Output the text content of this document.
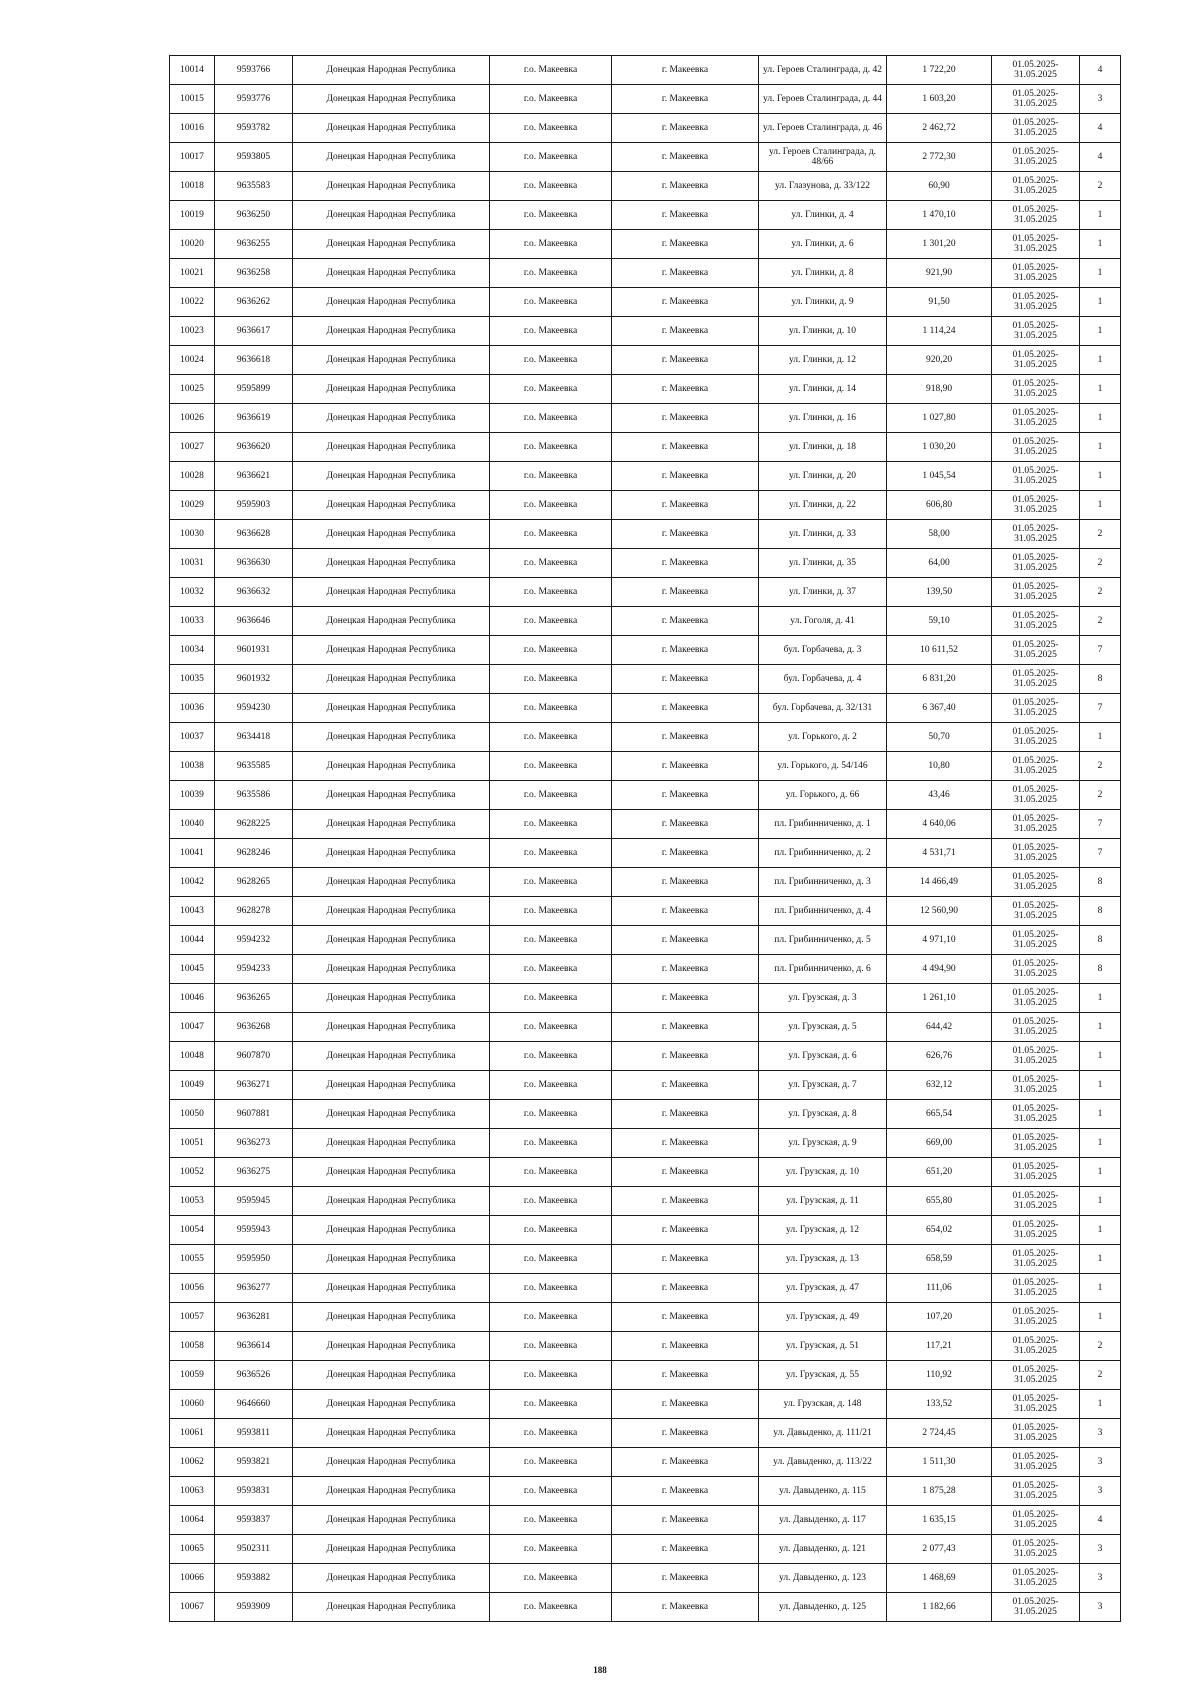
10014	9593766	Донецкая Народная Республика	г.о. Макеевка	г. Макеевка	ул. Героев Сталинграда, д. 42	1 722,20	01.05.2025-31.05.2025	4
10015	9593776	Донецкая Народная Республика	г.о. Макеевка	г. Макеевка	ул. Героев Сталинграда, д. 44	1 603,20	01.05.2025-31.05.2025	3
10016	9593782	Донецкая Народная Республика	г.о. Макеевка	г. Макеевка	ул. Героев Сталинграда, д. 46	2 462,72	01.05.2025-31.05.2025	4
10017	9593805	Донецкая Народная Республика	г.о. Макеевка	г. Макеевка	ул. Героев Сталинграда, д. 48/66	2 772,30	01.05.2025-31.05.2025	4
10018	9635583	Донецкая Народная Республика	г.о. Макеевка	г. Макеевка	ул. Глазунова, д. 33/122	60,90	01.05.2025-31.05.2025	2
10019	9636250	Донецкая Народная Республика	г.о. Макеевка	г. Макеевка	ул. Глинки, д. 4	1 470,10	01.05.2025-31.05.2025	1
10020	9636255	Донецкая Народная Республика	г.о. Макеевка	г. Макеевка	ул. Глинки, д. 6	1 301,20	01.05.2025-31.05.2025	1
10021	9636258	Донецкая Народная Республика	г.о. Макеевка	г. Макеевка	ул. Глинки, д. 8	921,90	01.05.2025-31.05.2025	1
10022	9636262	Донецкая Народная Республика	г.о. Макеевка	г. Макеевка	ул. Глинки, д. 9	91,50	01.05.2025-31.05.2025	1
10023	9636617	Донецкая Народная Республика	г.о. Макеевка	г. Макеевка	ул. Глинки, д. 10	1 114,24	01.05.2025-31.05.2025	1
10024	9636618	Донецкая Народная Республика	г.о. Макеевка	г. Макеевка	ул. Глинки, д. 12	920,20	01.05.2025-31.05.2025	1
10025	9595899	Донецкая Народная Республика	г.о. Макеевка	г. Макеевка	ул. Глинки, д. 14	918,90	01.05.2025-31.05.2025	1
10026	9636619	Донецкая Народная Республика	г.о. Макеевка	г. Макеевка	ул. Глинки, д. 16	1 027,80	01.05.2025-31.05.2025	1
10027	9636620	Донецкая Народная Республика	г.о. Макеевка	г. Макеевка	ул. Глинки, д. 18	1 030,20	01.05.2025-31.05.2025	1
10028	9636621	Донецкая Народная Республика	г.о. Макеевка	г. Макеевка	ул. Глинки, д. 20	1 045,54	01.05.2025-31.05.2025	1
10029	9595903	Донецкая Народная Республика	г.о. Макеевка	г. Макеевка	ул. Глинки, д. 22	606,80	01.05.2025-31.05.2025	1
10030	9636628	Донецкая Народная Республика	г.о. Макеевка	г. Макеевка	ул. Глинки, д. 33	58,00	01.05.2025-31.05.2025	2
10031	9636630	Донецкая Народная Республика	г.о. Макеевка	г. Макеевка	ул. Глинки, д. 35	64,00	01.05.2025-31.05.2025	2
10032	9636632	Донецкая Народная Республика	г.о. Макеевка	г. Макеевка	ул. Глинки, д. 37	139,50	01.05.2025-31.05.2025	2
10033	9636646	Донецкая Народная Республика	г.о. Макеевка	г. Макеевка	ул. Гоголя, д. 41	59,10	01.05.2025-31.05.2025	2
10034	9601931	Донецкая Народная Республика	г.о. Макеевка	г. Макеевка	бул. Горбачева, д. 3	10 611,52	01.05.2025-31.05.2025	7
10035	9601932	Донецкая Народная Республика	г.о. Макеевка	г. Макеевка	бул. Горбачева, д. 4	6 831,20	01.05.2025-31.05.2025	8
10036	9594230	Донецкая Народная Республика	г.о. Макеевка	г. Макеевка	бул. Горбачева, д. 32/131	6 367,40	01.05.2025-31.05.2025	7
10037	9634418	Донецкая Народная Республика	г.о. Макеевка	г. Макеевка	ул. Горького, д. 2	50,70	01.05.2025-31.05.2025	1
10038	9635585	Донецкая Народная Республика	г.о. Макеевка	г. Макеевка	ул. Горького, д. 54/146	10,80	01.05.2025-31.05.2025	2
10039	9635586	Донецкая Народная Республика	г.о. Макеевка	г. Макеевка	ул. Горького, д. 66	43,46	01.05.2025-31.05.2025	2
10040	9628225	Донецкая Народная Республика	г.о. Макеевка	г. Макеевка	пл. Грибинниченко, д. 1	4 640,06	01.05.2025-31.05.2025	7
10041	9628246	Донецкая Народная Республика	г.о. Макеевка	г. Макеевка	пл. Грибинниченко, д. 2	4 531,71	01.05.2025-31.05.2025	7
10042	9628265	Донецкая Народная Республика	г.о. Макеевка	г. Макеевка	пл. Грибинниченко, д. 3	14 466,49	01.05.2025-31.05.2025	8
10043	9628278	Донецкая Народная Республика	г.о. Макеевка	г. Макеевка	пл. Грибинниченко, д. 4	12 560,90	01.05.2025-31.05.2025	8
10044	9594232	Донецкая Народная Республика	г.о. Макеевка	г. Макеевка	пл. Грибинниченко, д. 5	4 971,10	01.05.2025-31.05.2025	8
10045	9594233	Донецкая Народная Республика	г.о. Макеевка	г. Макеевка	пл. Грибинниченко, д. 6	4 494,90	01.05.2025-31.05.2025	8
10046	9636265	Донецкая Народная Республика	г.о. Макеевка	г. Макеевка	ул. Грузская, д. 3	1 261,10	01.05.2025-31.05.2025	1
10047	9636268	Донецкая Народная Республика	г.о. Макеевка	г. Макеевка	ул. Грузская, д. 5	644,42	01.05.2025-31.05.2025	1
10048	9607870	Донецкая Народная Республика	г.о. Макеевка	г. Макеевка	ул. Грузская, д. 6	626,76	01.05.2025-31.05.2025	1
10049	9636271	Донецкая Народная Республика	г.о. Макеевка	г. Макеевка	ул. Грузская, д. 7	632,12	01.05.2025-31.05.2025	1
10050	9607881	Донецкая Народная Республика	г.о. Макеевка	г. Макеевка	ул. Грузская, д. 8	665,54	01.05.2025-31.05.2025	1
10051	9636273	Донецкая Народная Республика	г.о. Макеевка	г. Макеевка	ул. Грузская, д. 9	669,00	01.05.2025-31.05.2025	1
10052	9636275	Донецкая Народная Республика	г.о. Макеевка	г. Макеевка	ул. Грузская, д. 10	651,20	01.05.2025-31.05.2025	1
10053	9595945	Донецкая Народная Республика	г.о. Макеевка	г. Макеевка	ул. Грузская, д. 11	655,80	01.05.2025-31.05.2025	1
10054	9595943	Донецкая Народная Республика	г.о. Макеевка	г. Макеевка	ул. Грузская, д. 12	654,02	01.05.2025-31.05.2025	1
10055	9595950	Донецкая Народная Республика	г.о. Макеевка	г. Макеевка	ул. Грузская, д. 13	658,59	01.05.2025-31.05.2025	1
10056	9636277	Донецкая Народная Республика	г.о. Макеевка	г. Макеевка	ул. Грузская, д. 47	111,06	01.05.2025-31.05.2025	1
10057	9636281	Донецкая Народная Республика	г.о. Макеевка	г. Макеевка	ул. Грузская, д. 49	107,20	01.05.2025-31.05.2025	1
10058	9636614	Донецкая Народная Республика	г.о. Макеевка	г. Макеевка	ул. Грузская, д. 51	117,21	01.05.2025-31.05.2025	2
10059	9636526	Донецкая Народная Республика	г.о. Макеевка	г. Макеевка	ул. Грузская, д. 55	110,92	01.05.2025-31.05.2025	2
10060	9646660	Донецкая Народная Республика	г.о. Макеевка	г. Макеевка	ул. Грузская, д. 148	133,52	01.05.2025-31.05.2025	1
10061	9593811	Донецкая Народная Республика	г.о. Макеевка	г. Макеевка	ул. Давыденко, д. 111/21	2 724,45	01.05.2025-31.05.2025	3
10062	9593821	Донецкая Народная Республика	г.о. Макеевка	г. Макеевка	ул. Давыденко, д. 113/22	1 511,30	01.05.2025-31.05.2025	3
10063	9593831	Донецкая Народная Республика	г.о. Макеевка	г. Макеевка	ул. Давыденко, д. 115	1 875,28	01.05.2025-31.05.2025	3
10064	9593837	Донецкая Народная Республика	г.о. Макеевка	г. Макеевка	ул. Давыденко, д. 117	1 635,15	01.05.2025-31.05.2025	4
10065	9502311	Донецкая Народная Республика	г.о. Макеевка	г. Макеевка	ул. Давыденко, д. 121	2 077,43	01.05.2025-31.05.2025	3
10066	9593882	Донецкая Народная Республика	г.о. Макеевка	г. Макеевка	ул. Давыденко, д. 123	1 468,69	01.05.2025-31.05.2025	3
10067	9593909	Донецкая Народная Республика	г.о. Макеевка	г. Макеевка	ул. Давыденко, д. 125	1 182,66	01.05.2025-31.05.2025	3
188
